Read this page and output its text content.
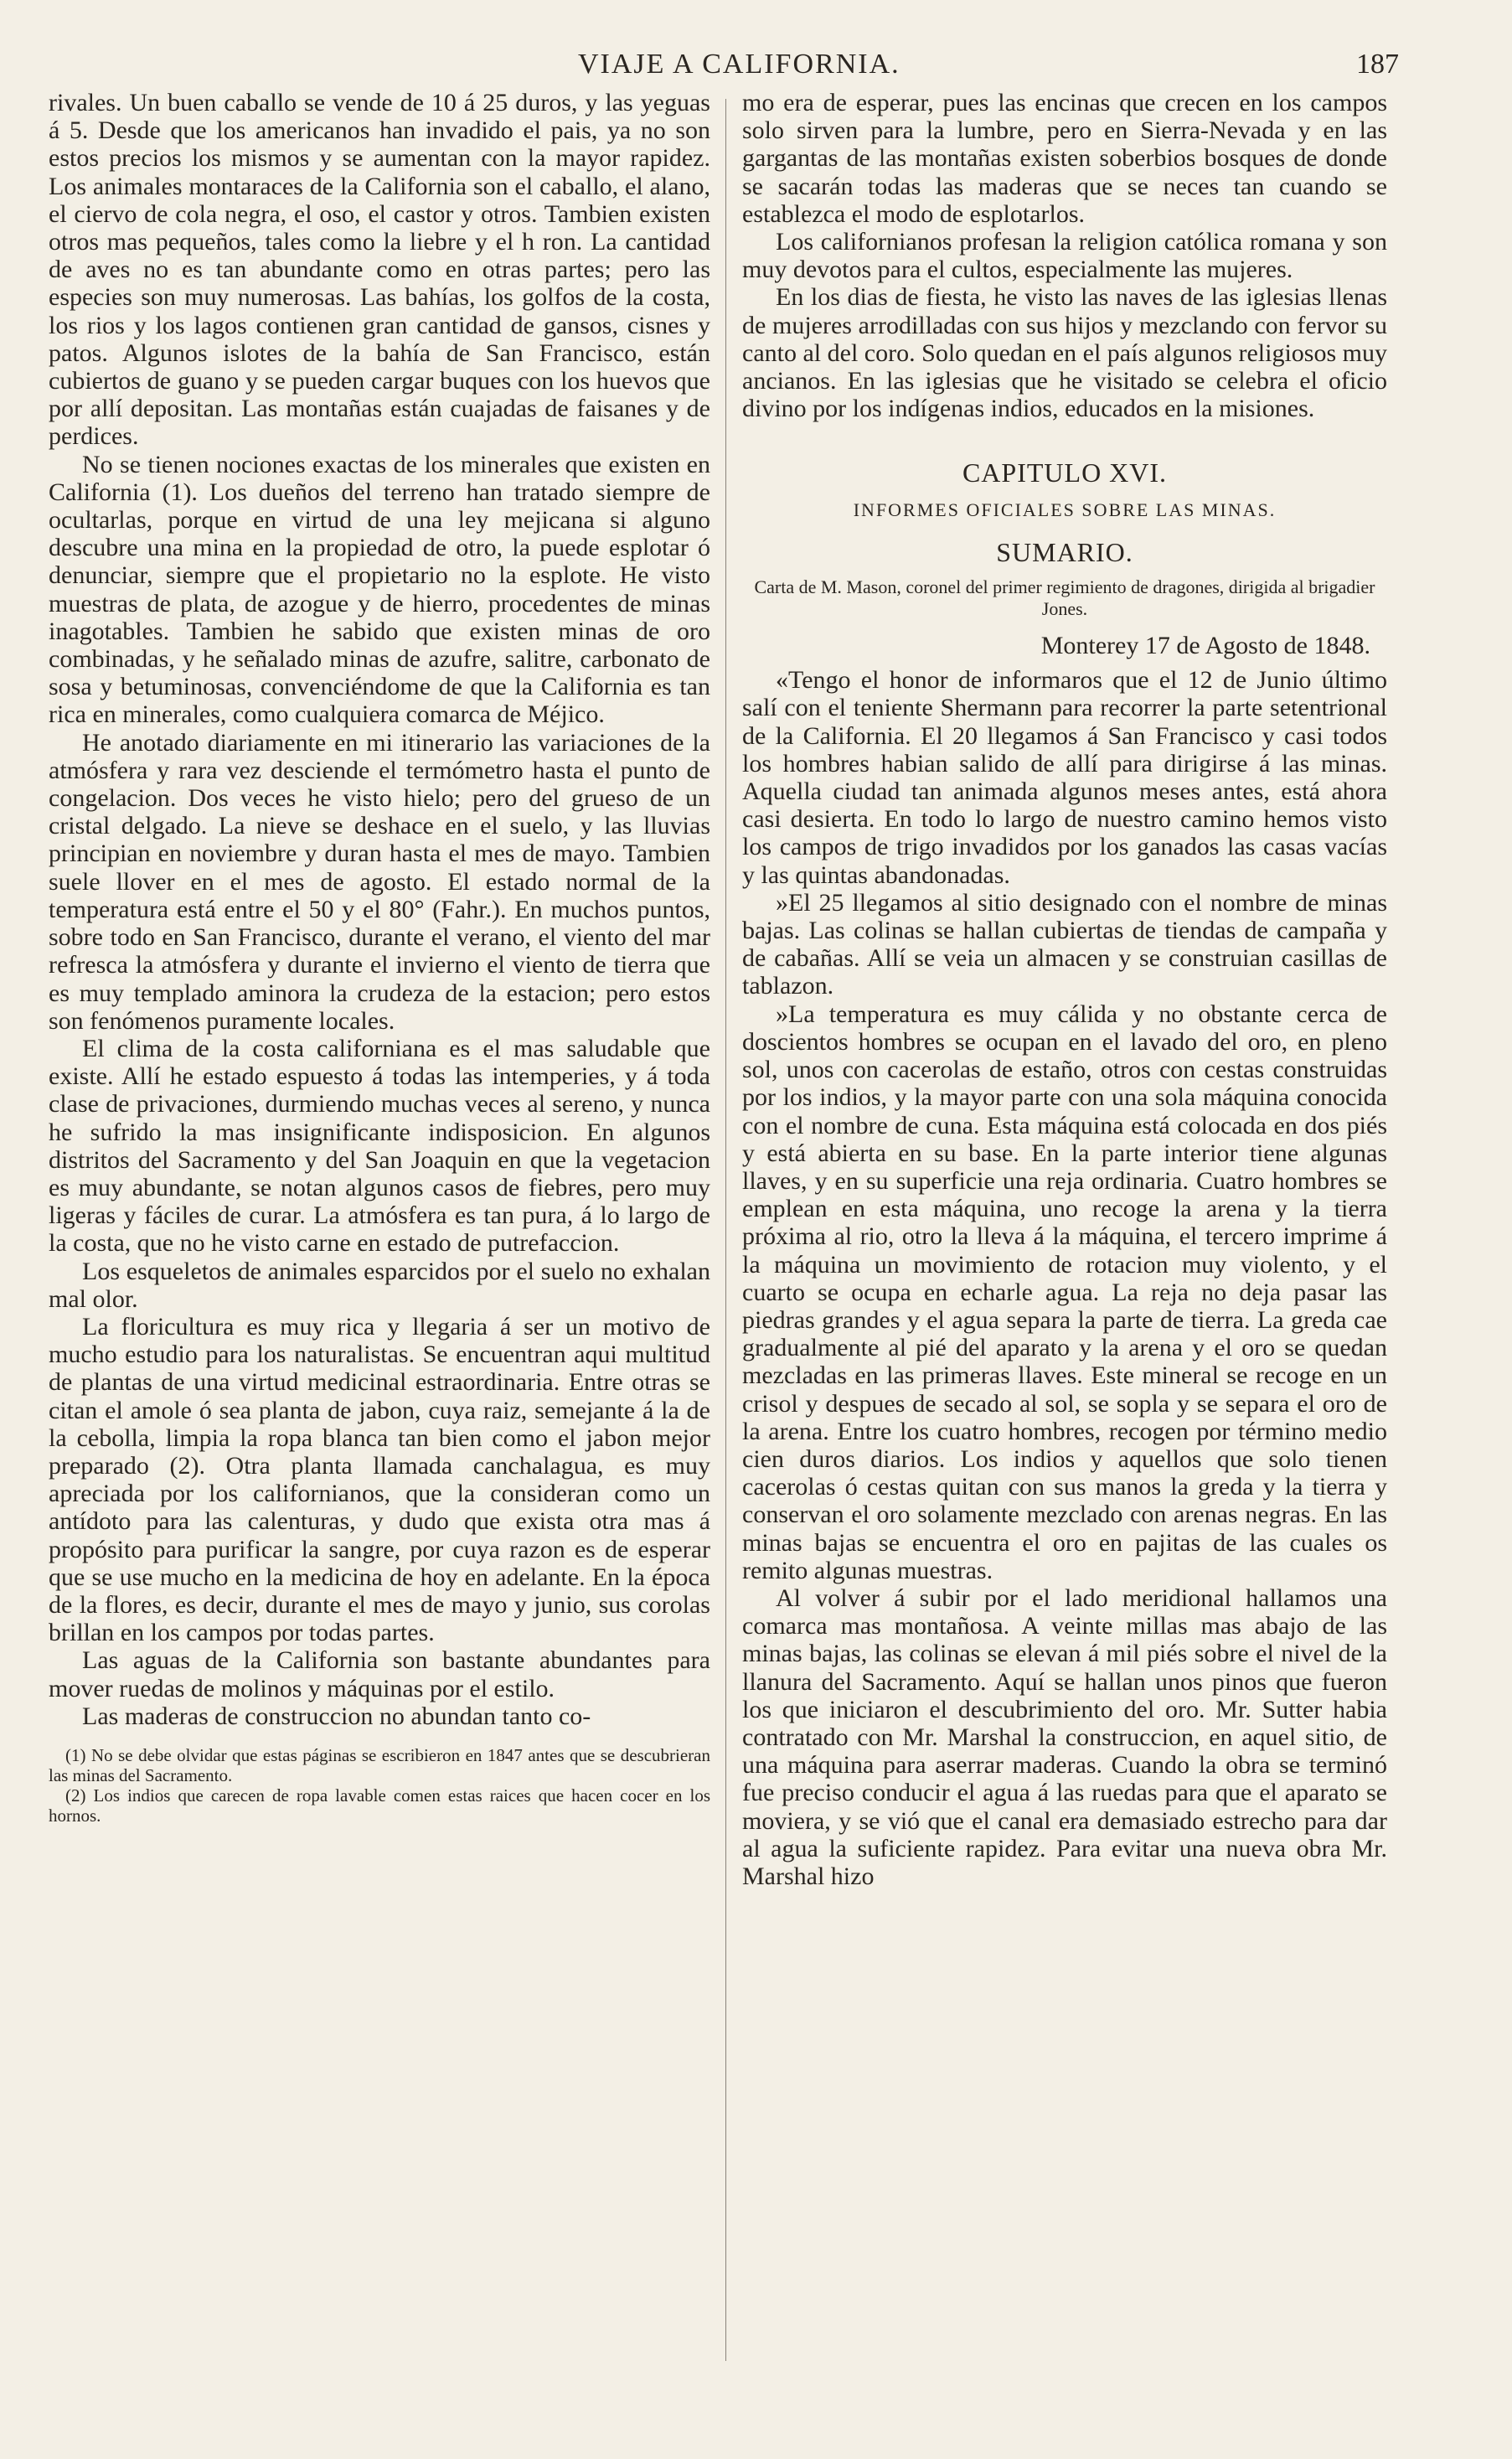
VIAJE A CALIFORNIA.	187

rivales. Un buen caballo se vende de 10 á 25 duros, y las yeguas á 5. Desde que los americanos han invadido el pais, ya no son estos precios los mismos y se aumentan con la mayor rapidez. Los animales montaraces de la California son el caballo, el alano, el ciervo de cola negra, el oso, el castor y otros. Tambien existen otros mas pequeños, tales como la liebre y el h ron. La cantidad de aves no es tan abundante como en otras partes; pero las especies son muy numerosas. Las bahías, los golfos de la costa, los rios y los lagos contienen gran cantidad de gansos, cisnes y patos. Algunos islotes de la bahía de San Francisco, están cubiertos de guano y se pueden cargar buques con los huevos que por allí depositan. Las montañas están cuajadas de faisanes y de perdices.

No se tienen nociones exactas de los minerales que existen en California (1). Los dueños del terreno han tratado siempre de ocultarlas, porque en virtud de una ley mejicana si alguno descubre una mina en la propiedad de otro, la puede esplotar ó denunciar, siempre que el propietario no la esplote. He visto muestras de plata, de azogue y de hierro, procedentes de minas inagotables. Tambien he sabido que existen minas de oro combinadas, y he señalado minas de azufre, salitre, carbonato de sosa y betuminosas, convenciéndome de que la California es tan rica en minerales, como cualquiera comarca de Méjico.

He anotado diariamente en mi itinerario las variaciones de la atmósfera y rara vez desciende el termómetro hasta el punto de congelacion. Dos veces he visto hielo; pero del grueso de un cristal delgado. La nieve se deshace en el suelo, y las lluvias principian en noviembre y duran hasta el mes de mayo. Tambien suele llover en el mes de agosto. El estado normal de la temperatura está entre el 50 y el 80° (Fahr.). En muchos puntos, sobre todo en San Francisco, durante el verano, el viento del mar refresca la atmósfera y durante el invierno el viento de tierra que es muy templado aminora la crudeza de la estacion; pero estos son fenómenos puramente locales.

El clima de la costa californiana es el mas saludable que existe. Allí he estado espuesto á todas las intemperies, y á toda clase de privaciones, durmiendo muchas veces al sereno, y nunca he sufrido la mas insignificante indisposicion. En algunos distritos del Sacramento y del San Joaquin en que la vegetacion es muy abundante, se notan algunos casos de fiebres, pero muy ligeras y fáciles de curar. La atmósfera es tan pura, á lo largo de la costa, que no he visto carne en estado de putrefaccion.

Los esqueletos de animales esparcidos por el suelo no exhalan mal olor.

La floricultura es muy rica y llegaria á ser un motivo de mucho estudio para los naturalistas. Se encuentran aqui multitud de plantas de una virtud medicinal estraordinaria. Entre otras se citan el amole ó sea planta de jabon, cuya raiz, semejante á la de la cebolla, limpia la ropa blanca tan bien como el jabon mejor preparado (2). Otra planta llamada canchalagua, es muy apreciada por los californianos, que la consideran como un antídoto para las calenturas, y dudo que exista otra mas á propósito para purificar la sangre, por cuya razon es de esperar que se use mucho en la medicina de hoy en adelante. En la época de la flores, es decir, durante el mes de mayo y junio, sus corolas brillan en los campos por todas partes.

Las aguas de la California son bastante abundantes para mover ruedas de molinos y máquinas por el estilo.

Las maderas de construccion no abundan tanto co-

(1) No se debe olvidar que estas páginas se escribieron en 1847 antes que se descubrieran las minas del Sacramento.

(2) Los indios que carecen de ropa lavable comen estas raices que hacen cocer en los hornos.

mo era de esperar, pues las encinas que crecen en los campos solo sirven para la lumbre, pero en Sierra-Nevada y en las gargantas de las montañas existen soberbios bosques de donde se sacarán todas las maderas que se neces tan cuando se establezca el modo de esplotarlos.

Los californianos profesan la religion católica romana y son muy devotos para el cultos, especialmente las mujeres.

En los dias de fiesta, he visto las naves de las iglesias llenas de mujeres arrodilladas con sus hijos y mezclando con fervor su canto al del coro. Solo quedan en el país algunos religiosos muy ancianos. En las iglesias que he visitado se celebra el oficio divino por los indígenas indios, educados en la misiones.

CAPITULO XVI.
INFORMES OFICIALES SOBRE LAS MINAS.
SUMARIO.
Carta de M. Mason, coronel del primer regimiento de dragones, dirigida al brigadier Jones.
Monterey 17 de Agosto de 1848.

«Tengo el honor de informaros que el 12 de Junio último salí con el teniente Shermann para recorrer la parte setentrional de la California. El 20 llegamos á San Francisco y casi todos los hombres habian salido de allí para dirigirse á las minas. Aquella ciudad tan animada algunos meses antes, está ahora casi desierta. En todo lo largo de nuestro camino hemos visto los campos de trigo invadidos por los ganados las casas vacías y las quintas abandonadas.

»El 25 llegamos al sitio designado con el nombre de minas bajas. Las colinas se hallan cubiertas de tiendas de campaña y de cabañas. Allí se veia un almacen y se construian casillas de tablazon.

»La temperatura es muy cálida y no obstante cerca de doscientos hombres se ocupan en el lavado del oro, en pleno sol, unos con cacerolas de estaño, otros con cestas construidas por los indios, y la mayor parte con una sola máquina conocida con el nombre de cuna. Esta máquina está colocada en dos piés y está abierta en su base. En la parte interior tiene algunas llaves, y en su superficie una reja ordinaria. Cuatro hombres se emplean en esta máquina, uno recoge la arena y la tierra próxima al rio, otro la lleva á la máquina, el tercero imprime á la máquina un movimiento de rotacion muy violento, y el cuarto se ocupa en echarle agua. La reja no deja pasar las piedras grandes y el agua separa la parte de tierra. La greda cae gradualmente al pié del aparato y la arena y el oro se quedan mezcladas en las primeras llaves. Este mineral se recoge en un crisol y despues de secado al sol, se sopla y se separa el oro de la arena. Entre los cuatro hombres, recogen por término medio cien duros diarios. Los indios y aquellos que solo tienen cacerolas ó cestas quitan con sus manos la greda y la tierra y conservan el oro solamente mezclado con arenas negras. En las minas bajas se encuentra el oro en pajitas de las cuales os remito algunas muestras.

Al volver á subir por el lado meridional hallamos una comarca mas montañosa. A veinte millas mas abajo de las minas bajas, las colinas se elevan á mil piés sobre el nivel de la llanura del Sacramento. Aquí se hallan unos pinos que fueron los que iniciaron el descubrimiento del oro. Mr. Sutter habia contratado con Mr. Marshal la construccion, en aquel sitio, de una máquina para aserrar maderas. Cuando la obra se terminó fue preciso conducir el agua á las ruedas para que el aparato se moviera, y se vió que el canal era demasiado estrecho para dar al agua la suficiente rapidez. Para evitar una nueva obra Mr. Marshal hizo
